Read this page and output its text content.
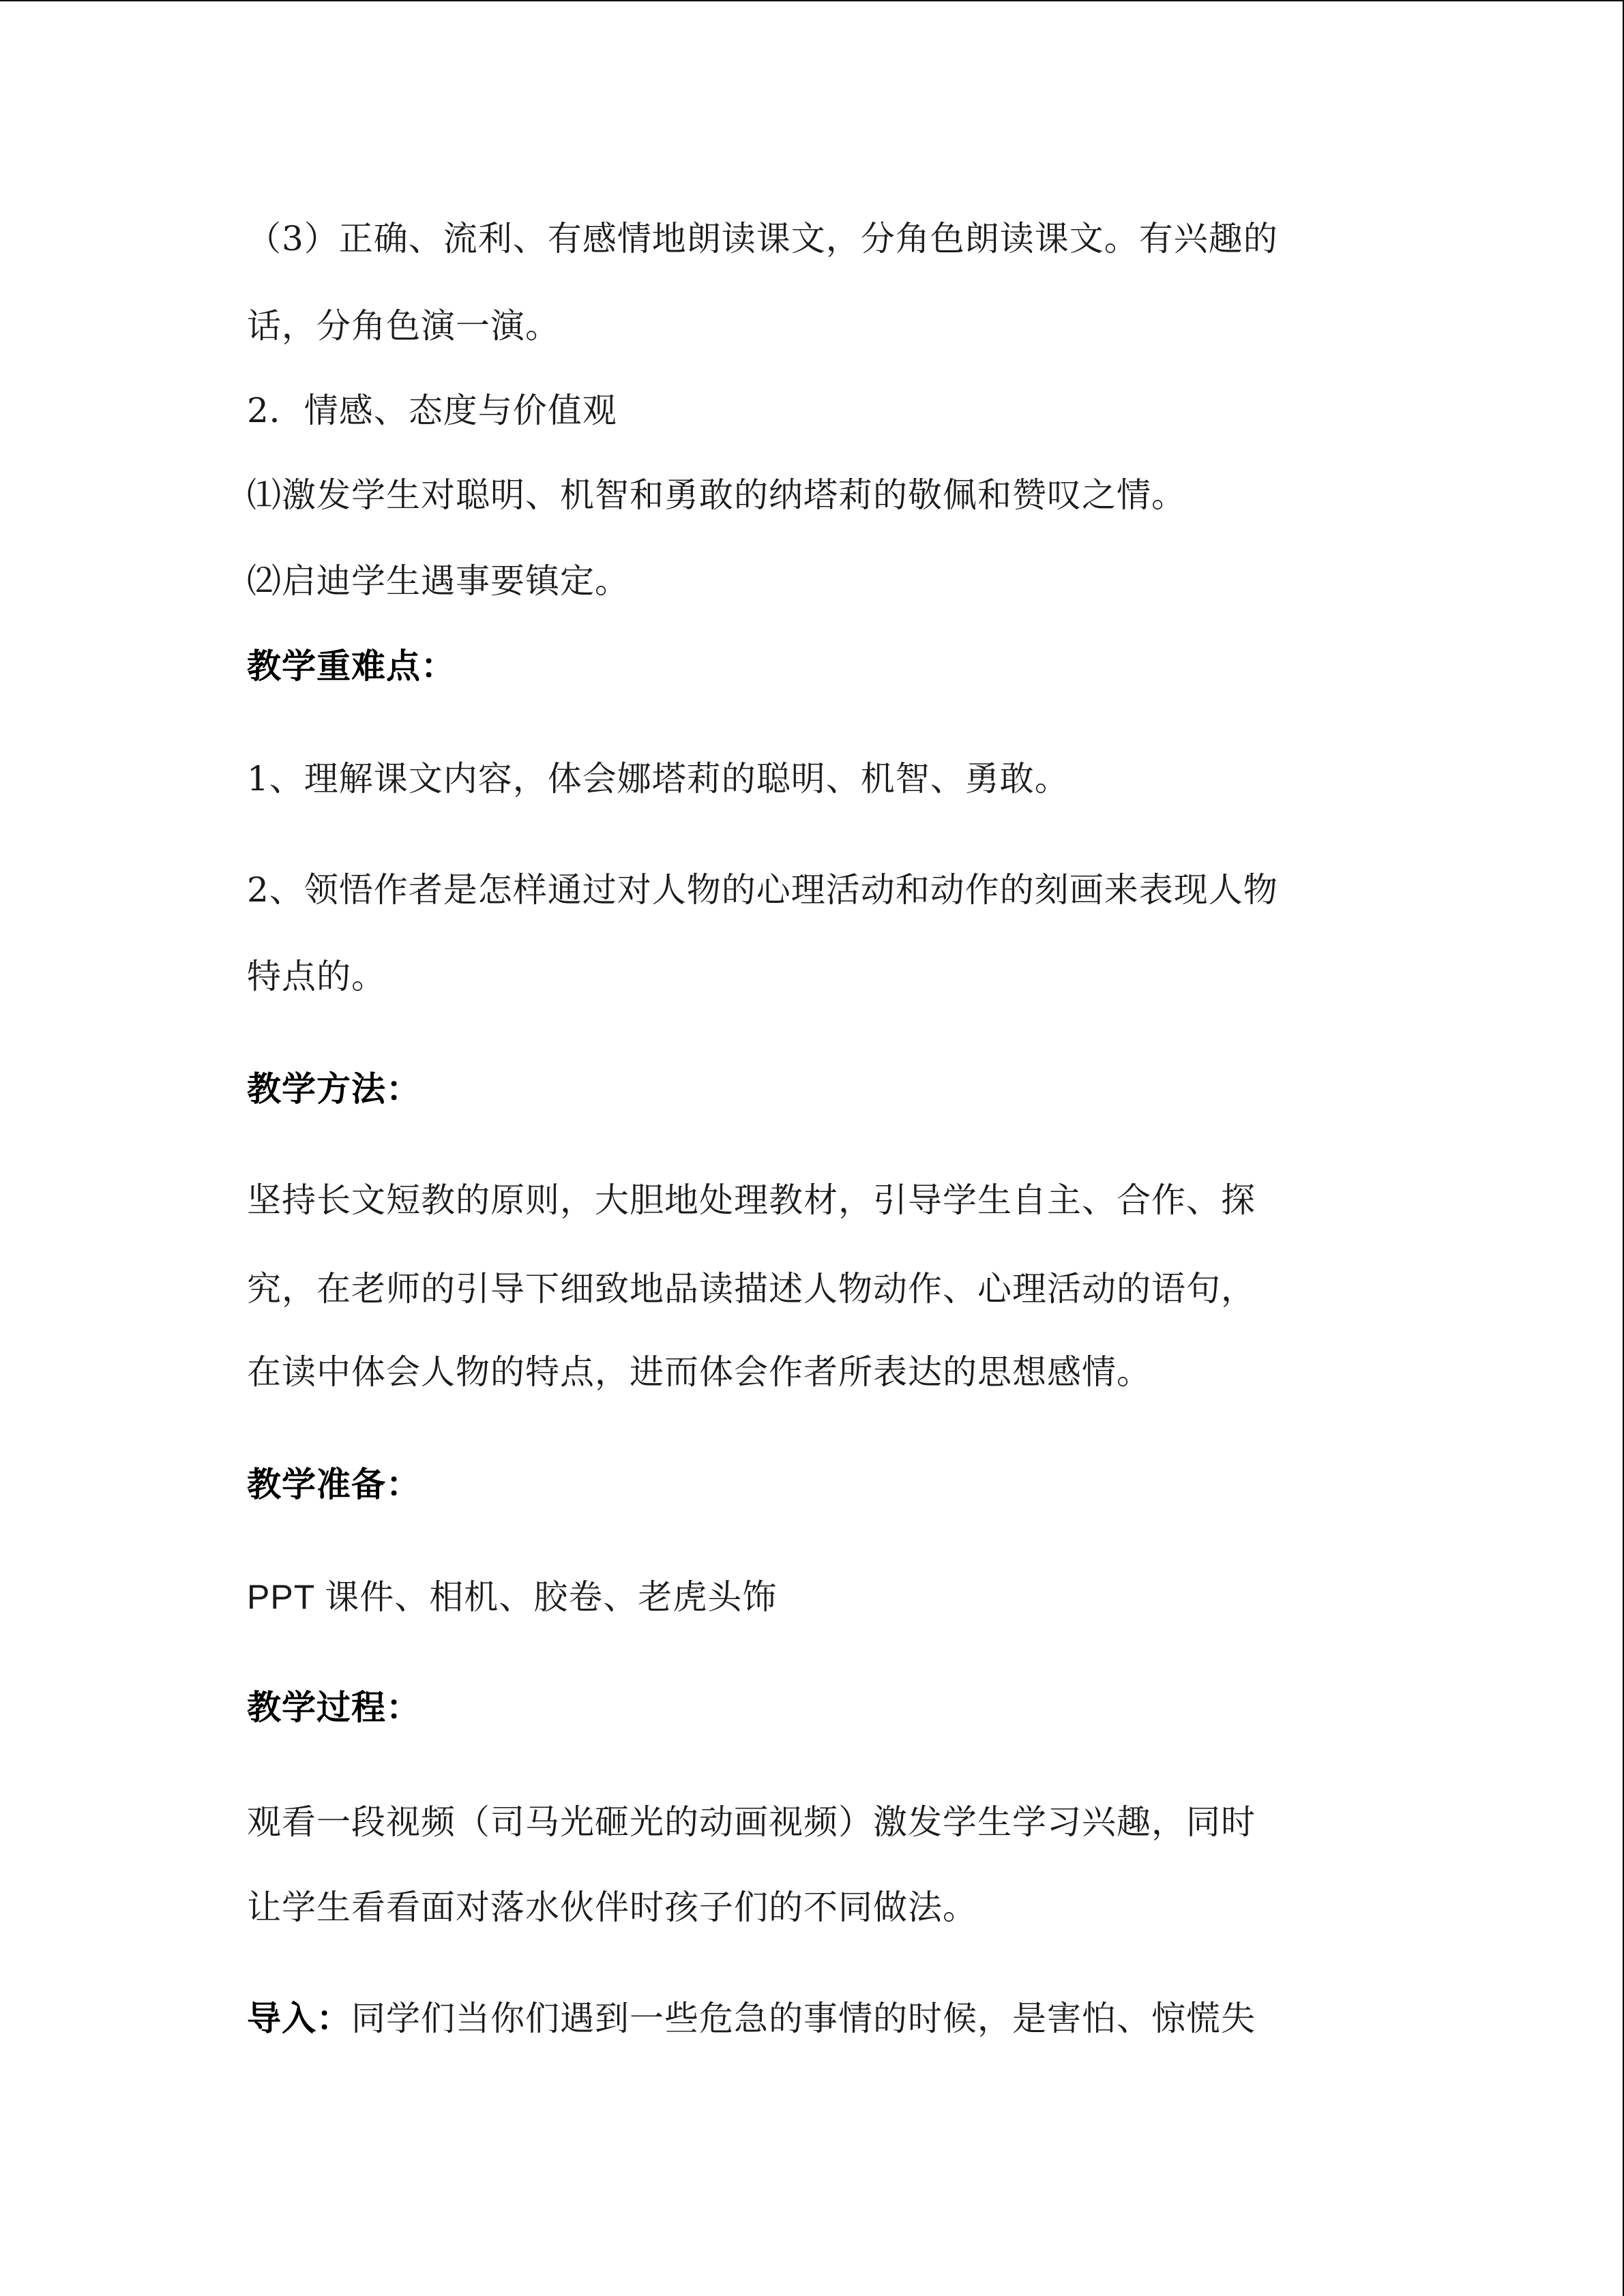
（3）正确、流利、有感情地朗读课文，分角色朗读课文。有兴趣的
话，分角色演一演。
2．情感、态度与价值观
⑴激发学生对聪明、机智和勇敢的纳塔莉的敬佩和赞叹之情。
⑵启迪学生遇事要镇定。
教学重难点：
1、理解课文内容，体会娜塔莉的聪明、机智、勇敢。
2、领悟作者是怎样通过对人物的心理活动和动作的刻画来表现人物
特点的。
教学方法：
坚持长文短教的原则，大胆地处理教材，引导学生自主、合作、探
究，在老师的引导下细致地品读描述人物动作、心理活动的语句，
在读中体会人物的特点，进而体会作者所表达的思想感情。
教学准备：
PPT 课件、相机、胶卷、老虎头饰
教学过程：
观看一段视频（司马光砸光的动画视频）激发学生学习兴趣，同时
让学生看看面对落水伙伴时孩子们的不同做法。
导入：同学们当你们遇到一些危急的事情的时候，是害怕、惊慌失
